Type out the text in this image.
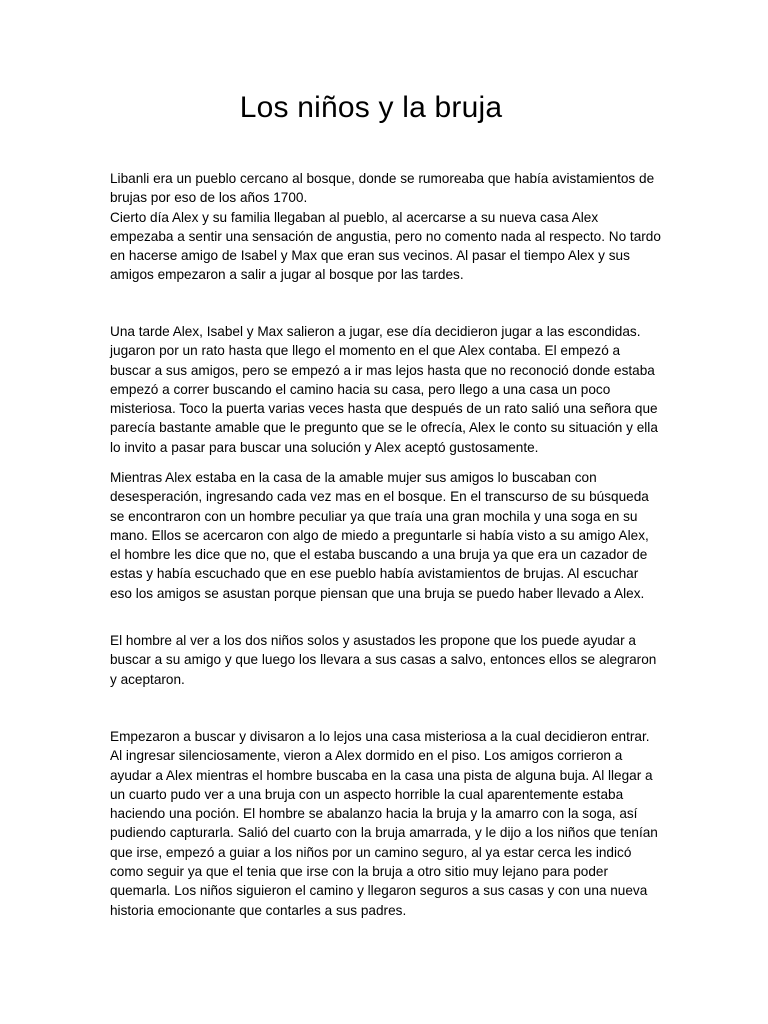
Los niños y la bruja

Libanli era un pueblo cercano al bosque, donde se rumoreaba que había avistamientos de brujas por eso de los años 1700.

Cierto día Alex y su familia llegaban al pueblo, al acercarse a su nueva casa Alex empezaba a sentir una sensación de angustia, pero no comento nada al respecto. No tardo en hacerse amigo de Isabel y Max que eran sus vecinos. Al pasar el tiempo Alex y sus amigos empezaron a salir a jugar al bosque por las tardes.

Una tarde Alex, Isabel y Max salieron a jugar, ese día decidieron jugar a las escondidas. jugaron por un rato hasta que llego el momento en el que Alex contaba. El empezó a buscar a sus amigos, pero se empezó a ir mas lejos hasta que no reconoció donde estaba empezó a correr buscando el camino hacia su casa, pero llego a una casa un poco misteriosa. Toco la puerta varias veces hasta que después de un rato salió una señora que parecía bastante amable que le pregunto que se le ofrecía, Alex le conto su situación y ella lo invito a pasar para buscar una solución y Alex aceptó gustosamente.

Mientras Alex estaba en la casa de la amable mujer sus amigos lo buscaban con desesperación, ingresando cada vez mas en el bosque. En el transcurso de su búsqueda se encontraron con un hombre peculiar ya que traía una gran mochila y una soga en su mano. Ellos se acercaron con algo de miedo a preguntarle si había visto a su amigo Alex, el hombre les dice que no, que el estaba buscando a una bruja ya que era un cazador de estas y había escuchado que en ese pueblo había avistamientos de brujas. Al escuchar eso los amigos se asustan porque piensan que una bruja se puedo haber llevado a Alex.

El hombre al ver a los dos niños solos y asustados les propone que los puede ayudar a buscar a su amigo y que luego los llevara a sus casas a salvo, entonces ellos se alegraron y aceptaron.

Empezaron a buscar y divisaron a lo lejos una casa misteriosa a la cual decidieron entrar. Al ingresar silenciosamente, vieron a Alex dormido en el piso. Los amigos corrieron a ayudar a Alex mientras el hombre buscaba en la casa una pista de alguna buja. Al llegar a un cuarto pudo ver a una bruja con un aspecto horrible la cual aparentemente estaba haciendo una poción. El hombre se abalanzo hacia la bruja y la amarro con la soga, así pudiendo capturarla. Salió del cuarto con la bruja amarrada, y le dijo a los niños que tenían que irse, empezó a guiar a los niños por un camino seguro, al ya estar cerca les indicó como seguir ya que el tenia que irse con la bruja a otro sitio muy lejano para poder quemarla. Los niños siguieron el camino y llegaron seguros a sus casas y con una nueva historia emocionante que contarles a sus padres.
